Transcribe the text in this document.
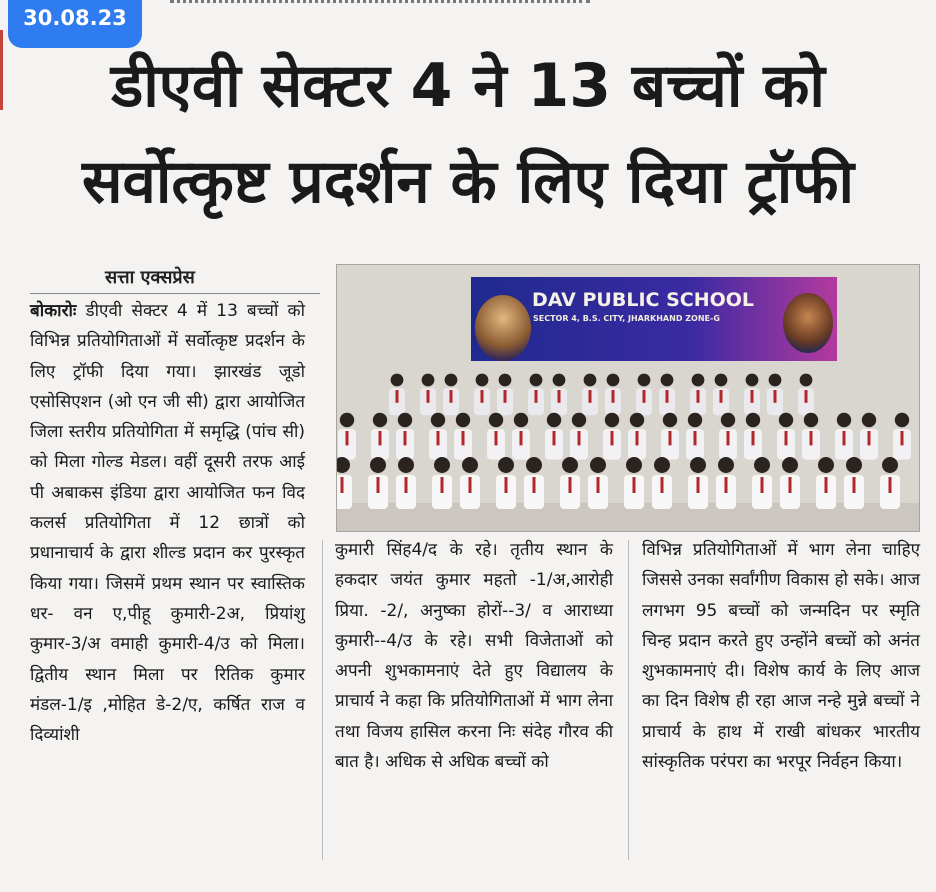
30.08.23
डीएवी सेक्टर 4 ने 13 बच्चों को
सर्वोत्कृष्ट प्रदर्शन के लिए दिया ट्रॉफी
सत्ता एक्सप्रेस

बोकारोः डीएवी सेक्टर 4 में 13 बच्चों को विभिन्न प्रतियोगिताओं में सर्वोत्कृष्ट प्रदर्शन के लिए ट्रॉफी दिया गया। झारखंड जूडो एसोसिएशन (ओ एन जी सी) द्वारा आयोजित जिला स्तरीय प्रतियोगिता में समृद्धि (पांच सी) को मिला गोल्ड मेडल। वहीं दूसरी तरफ आई पी अबाकस इंडिया द्वारा आयोजित फन विद कलर्स प्रतियोगिता में 12 छात्रों को प्रधानाचार्य के द्वारा शील्ड प्रदान कर पुरस्कृत किया गया। जिसमें प्रथम स्थान पर स्वास्तिक धर- वन ए,पीहू कुमारी-2अ, प्रियांशु कुमार-3/अ वमाही कुमारी-4/उ को मिला। द्वितीय स्थान मिला पर रितिक कुमार मंडल-1/इ ,मोहित डे-2/ए, कर्षित राज व दिव्यांशी

DAV PUBLIC SCHOOL
SECTOR 4, B.S. CITY, JHARKHAND ZONE-G

कुमारी सिंह4/द के रहे। तृतीय स्थान के हकदार जयंत कुमार महतो -1/अ,आरोही प्रिया. -2/, अनुष्का होरों--3/ व आराध्या कुमारी--4/उ के रहे। सभी विजेताओं को अपनी शुभकामनाएं देते हुए विद्यालय के प्राचार्य ने कहा कि प्रतियोगिताओं में भाग लेना तथा विजय हासिल करना निः संदेह गौरव की बात है। अधिक से अधिक बच्चों को

विभिन्न प्रतियोगिताओं में भाग लेना चाहिए जिससे उनका सर्वांगीण विकास हो सके। आज लगभग 95 बच्चों को जन्मदिन पर स्मृति चिन्ह प्रदान करते हुए उन्होंने बच्चों को अनंत शुभकामनाएं दी। विशेष कार्य के लिए आज का दिन विशेष ही रहा आज नन्हे मुन्ने बच्चों ने प्राचार्य के हाथ में राखी बांधकर भारतीय सांस्कृतिक परंपरा का भरपूर निर्वहन किया।
